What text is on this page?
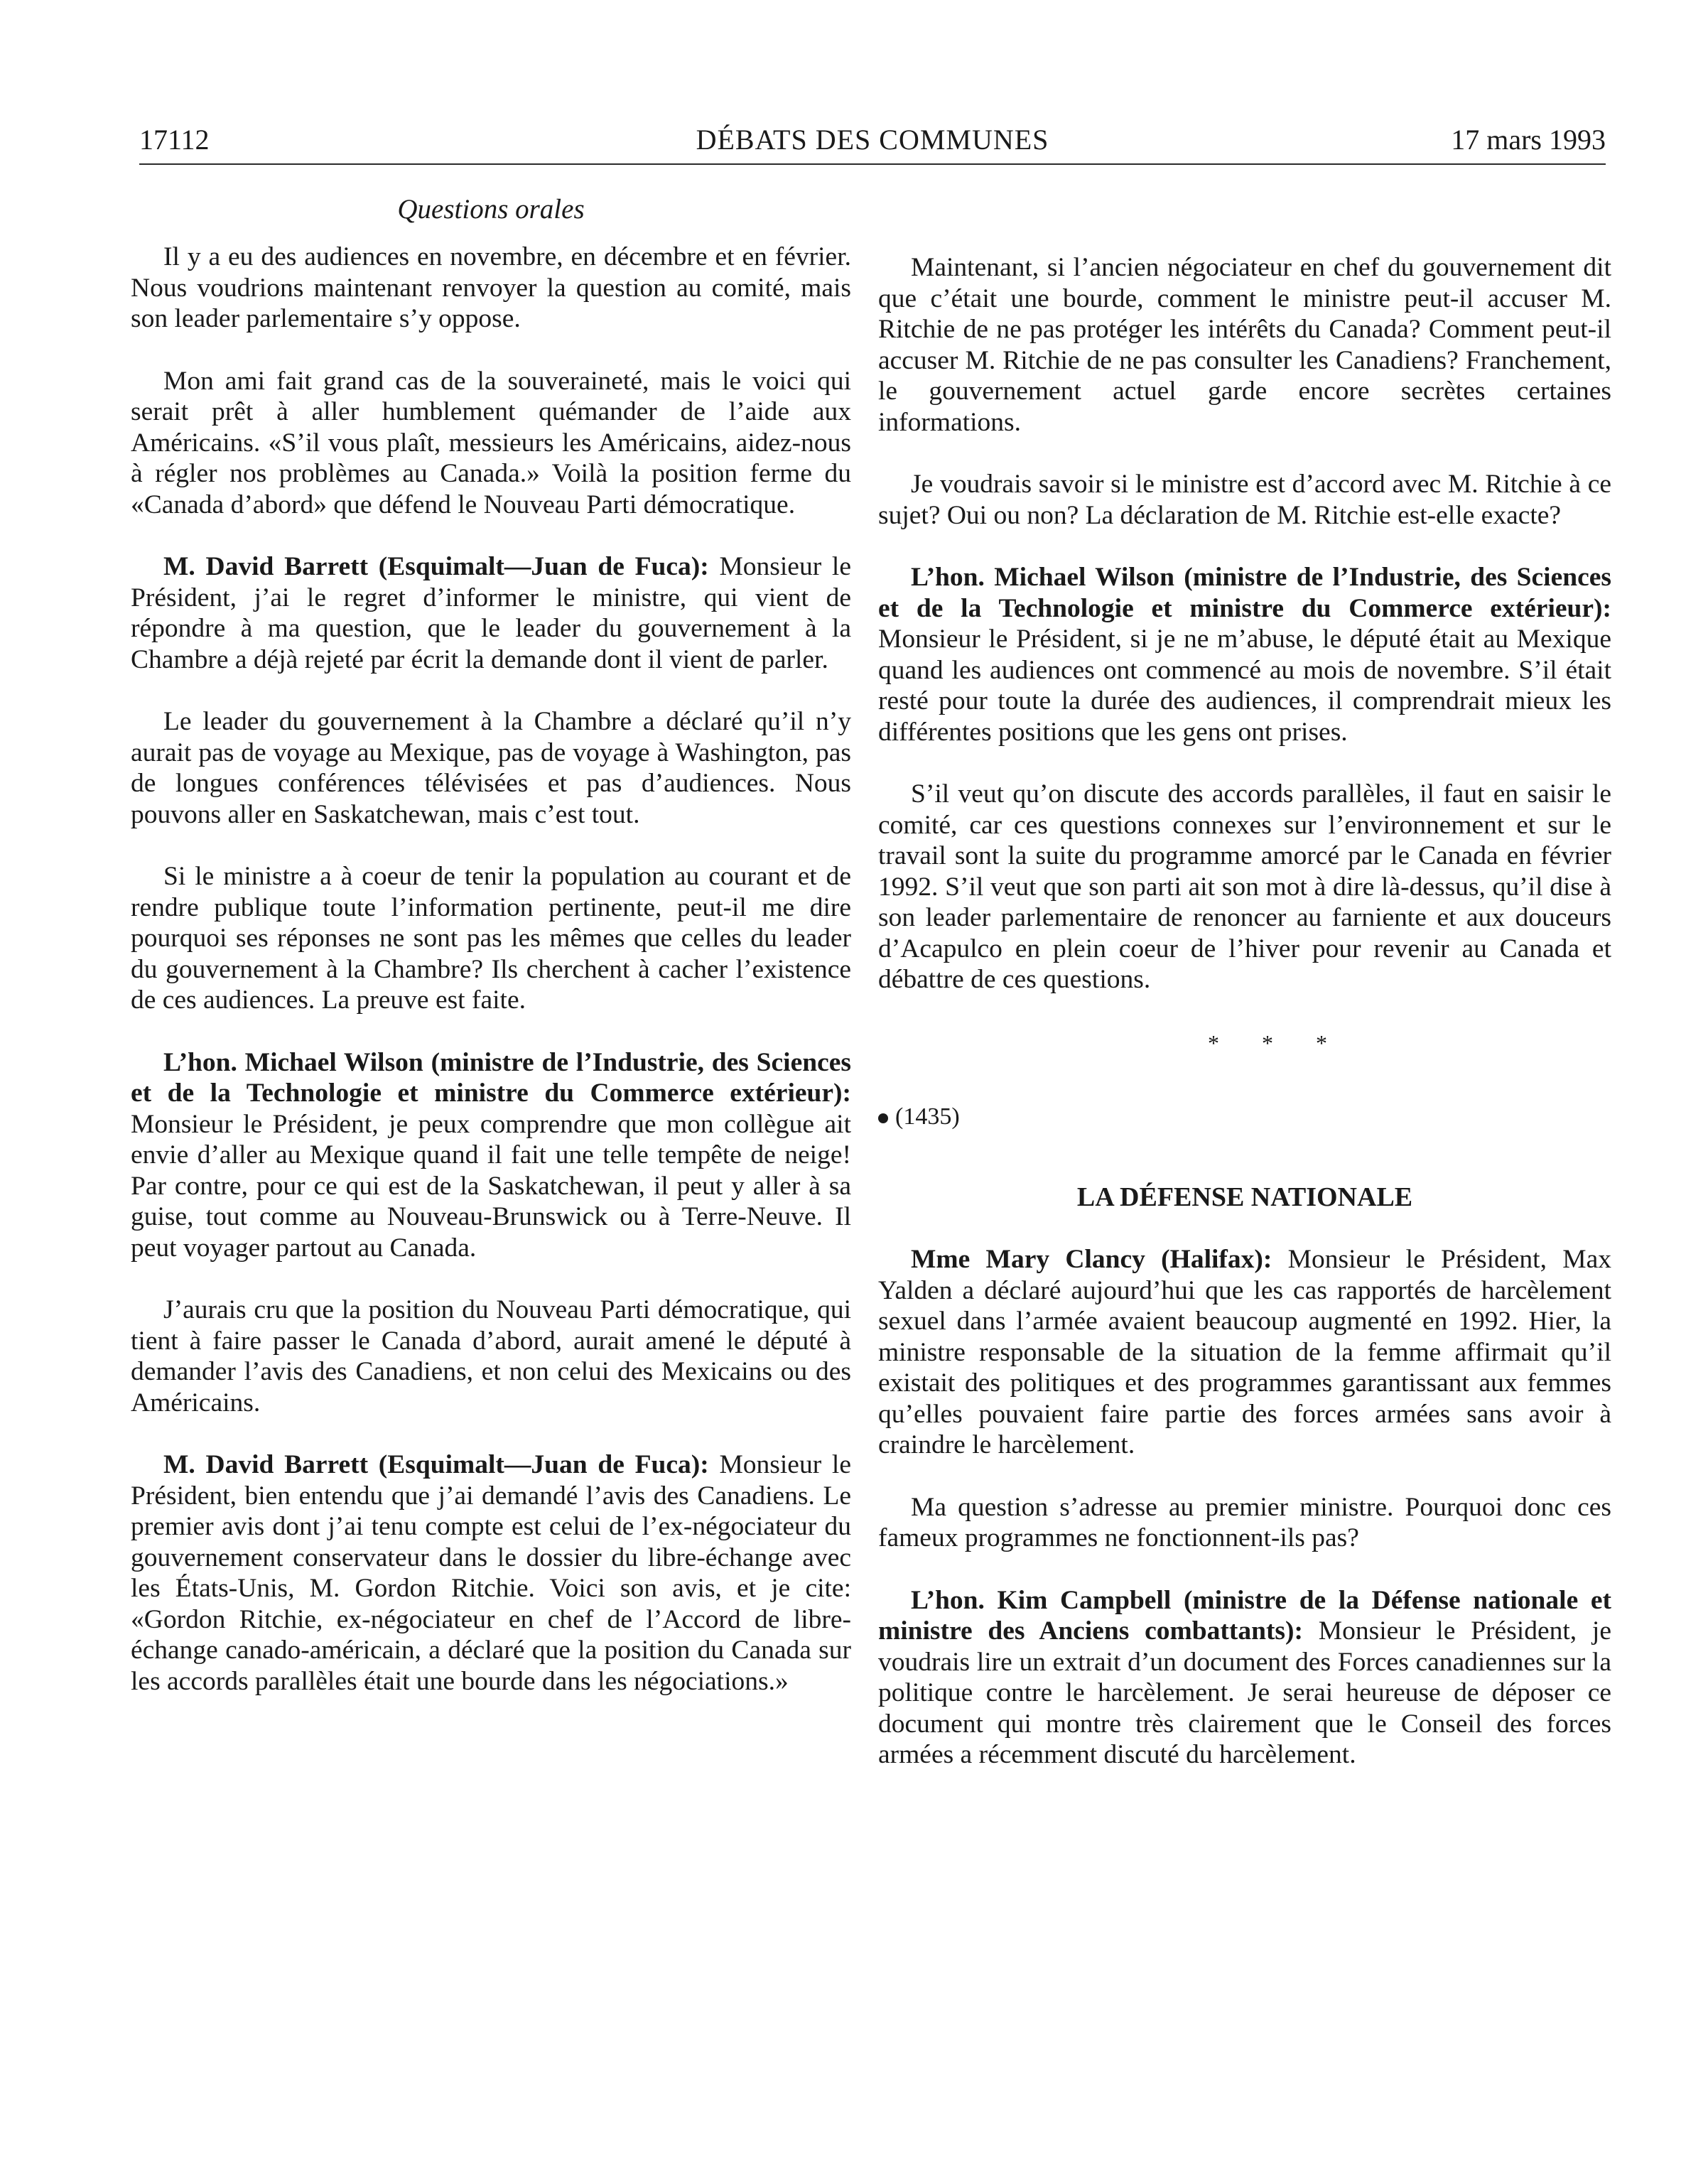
17112	DÉBATS DES COMMUNES	17 mars 1993
Questions orales

Il y a eu des audiences en novembre, en décembre et en février. Nous voudrions maintenant renvoyer la question au comité, mais son leader parlementaire s’y oppose.

Mon ami fait grand cas de la souveraineté, mais le voici qui serait prêt à aller humblement quémander de l’aide aux Américains. «S’il vous plaît, messieurs les Américains, aidez-nous à régler nos problèmes au Canada.» Voilà la position ferme du «Canada d’abord» que défend le Nouveau Parti démocratique.

M. David Barrett (Esquimalt—Juan de Fuca): Monsieur le Président, j’ai le regret d’informer le ministre, qui vient de répondre à ma question, que le leader du gouvernement à la Chambre a déjà rejeté par écrit la demande dont il vient de parler.

Le leader du gouvernement à la Chambre a déclaré qu’il n’y aurait pas de voyage au Mexique, pas de voyage à Washington, pas de longues conférences télévisées et pas d’audiences. Nous pouvons aller en Saskatchewan, mais c’est tout.

Si le ministre a à coeur de tenir la population au courant et de rendre publique toute l’information pertinente, peut-il me dire pourquoi ses réponses ne sont pas les mêmes que celles du leader du gouvernement à la Chambre? Ils cherchent à cacher l’existence de ces audiences. La preuve est faite.

L’hon. Michael Wilson (ministre de l’Industrie, des Sciences et de la Technologie et ministre du Commerce extérieur): Monsieur le Président, je peux comprendre que mon collègue ait envie d’aller au Mexique quand il fait une telle tempête de neige! Par contre, pour ce qui est de la Saskatchewan, il peut y aller à sa guise, tout comme au Nouveau-Brunswick ou à Terre-Neuve. Il peut voyager partout au Canada.

J’aurais cru que la position du Nouveau Parti démocratique, qui tient à faire passer le Canada d’abord, aurait amené le député à demander l’avis des Canadiens, et non celui des Mexicains ou des Américains.

M. David Barrett (Esquimalt—Juan de Fuca): Monsieur le Président, bien entendu que j’ai demandé l’avis des Canadiens. Le premier avis dont j’ai tenu compte est celui de l’ex-négociateur du gouvernement conservateur dans le dossier du libre-échange avec les États-Unis, M. Gordon Ritchie. Voici son avis, et je cite: «Gordon Ritchie, ex-négociateur en chef de l’Accord de libre-échange canado-américain, a déclaré que la position du Canada sur les accords parallèles était une bourde dans les négociations.»

Maintenant, si l’ancien négociateur en chef du gouvernement dit que c’était une bourde, comment le ministre peut-il accuser M. Ritchie de ne pas protéger les intérêts du Canada? Comment peut-il accuser M. Ritchie de ne pas consulter les Canadiens? Franchement, le gouvernement actuel garde encore secrètes certaines informations.

Je voudrais savoir si le ministre est d’accord avec M. Ritchie à ce sujet? Oui ou non? La déclaration de M. Ritchie est-elle exacte?

L’hon. Michael Wilson (ministre de l’Industrie, des Sciences et de la Technologie et ministre du Commerce extérieur): Monsieur le Président, si je ne m’abuse, le député était au Mexique quand les audiences ont commencé au mois de novembre. S’il était resté pour toute la durée des audiences, il comprendrait mieux les différentes positions que les gens ont prises.

S’il veut qu’on discute des accords parallèles, il faut en saisir le comité, car ces questions connexes sur l’environnement et sur le travail sont la suite du programme amorcé par le Canada en février 1992. S’il veut que son parti ait son mot à dire là-dessus, qu’il dise à son leader parlementaire de renoncer au farniente et aux douceurs d’Acapulco en plein coeur de l’hiver pour revenir au Canada et débattre de ces questions.

* * *
(1435)
LA DÉFENSE NATIONALE

Mme Mary Clancy (Halifax): Monsieur le Président, Max Yalden a déclaré aujourd’hui que les cas rapportés de harcèlement sexuel dans l’armée avaient beaucoup augmenté en 1992. Hier, la ministre responsable de la situation de la femme affirmait qu’il existait des politiques et des programmes garantissant aux femmes qu’elles pouvaient faire partie des forces armées sans avoir à craindre le harcèlement.

Ma question s’adresse au premier ministre. Pourquoi donc ces fameux programmes ne fonctionnent-ils pas?

L’hon. Kim Campbell (ministre de la Défense nationale et ministre des Anciens combattants): Monsieur le Président, je voudrais lire un extrait d’un document des Forces canadiennes sur la politique contre le harcèlement. Je serai heureuse de déposer ce document qui montre très clairement que le Conseil des forces armées a récemment discuté du harcèlement.
